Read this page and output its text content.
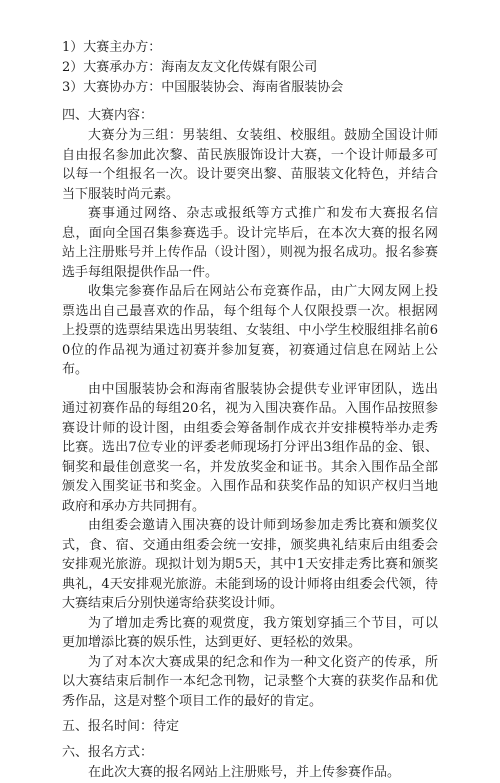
1）大赛主办方：

2）大赛承办方：海南友友文化传媒有限公司

3）大赛协办方：中国服装协会、海南省服装协会

四、大赛内容：

大赛分为三组：男装组、女装组、校服组。鼓励全国设计师自由报名参加此次黎、苗民族服饰设计大赛，一个设计师最多可以每一个组报名一次。设计要突出黎、苗服装文化特色，并结合当下服装时尚元素。

赛事通过网络、杂志或报纸等方式推广和发布大赛报名信息，面向全国召集参赛选手。设计完毕后，在本次大赛的报名网站上注册账号并上传作品（设计图），则视为报名成功。报名参赛选手每组限提供作品一件。

收集完参赛作品后在网站公布竞赛作品，由广大网友网上投票选出自己最喜欢的作品，每个组每个人仅限投票一次。根据网上投票的选票结果选出男装组、女装组、中小学生校服组排名前60位的作品视为通过初赛并参加复赛，初赛通过信息在网站上公布。

由中国服装协会和海南省服装协会提供专业评审团队，选出通过初赛作品的每组20名，视为入围决赛作品。入围作品按照参赛设计师的设计图，由组委会筹备制作成衣并安排模特举办走秀比赛。选出7位专业的评委老师现场打分评出3组作品的金、银、铜奖和最佳创意奖一名，并发放奖金和证书。其余入围作品全部颁发入围奖证书和奖金。入围作品和获奖作品的知识产权归当地政府和承办方共同拥有。

由组委会邀请入围决赛的设计师到场参加走秀比赛和颁奖仪式，食、宿、交通由组委会统一安排，颁奖典礼结束后由组委会安排观光旅游。现拟计划为期5天，其中1天安排走秀比赛和颁奖典礼，4天安排观光旅游。未能到场的设计师将由组委会代领，待大赛结束后分别快递寄给获奖设计师。

为了增加走秀比赛的观赏度，我方策划穿插三个节目，可以更加增添比赛的娱乐性，达到更好、更轻松的效果。

为了对本次大赛成果的纪念和作为一种文化资产的传承，所以大赛结束后制作一本纪念刊物，记录整个大赛的获奖作品和优秀作品，这是对整个项目工作的最好的肯定。

五、报名时间：待定

六、报名方式：

在此次大赛的报名网站上注册账号，并上传参赛作品。
